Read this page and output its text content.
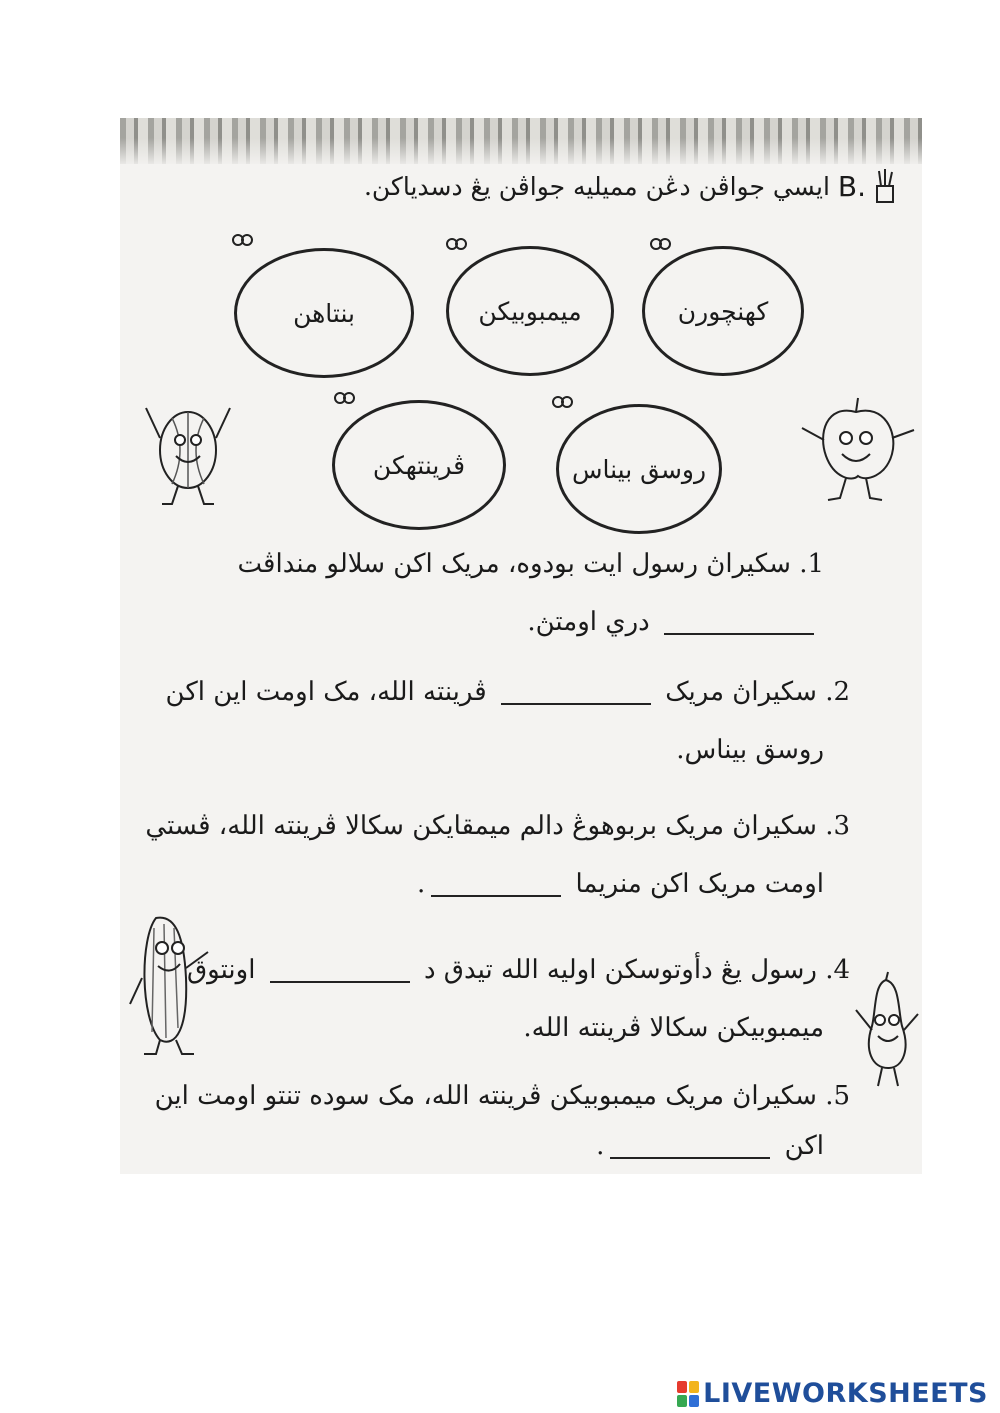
B.
ايسي جواڤن دڠن مميليه جواڤن يڠ دسدياکن.
کهنچورن
ميمبوبيکن
بنتاهن
روسق بيناس
ڤرينتهکن
1. سکيراڽ رسول ايت بودوه، مريک اکن سلالو منداڤت
دري اومتڽ.
2. سکيراڽ مريک  ڤرينته الله، مک اومت اين اکن
روسق بيناس.
3. سکيراڽ مريک بربوهوڠ دالم ميمقايکن سکالا ڤرينته الله، ڤستي
اومت مريک اکن منريما .
4. رسول يڠ دأوتوسکن اوليه الله تيدق د  اونتوق
ميمبوبيکن سکالا ڤرينته الله.
5. سکيراڽ مريک ميمبوبيکن ڤرينته الله، مک سوده تنتو اومت اين
اکن .
LIVEWORKSHEETS
